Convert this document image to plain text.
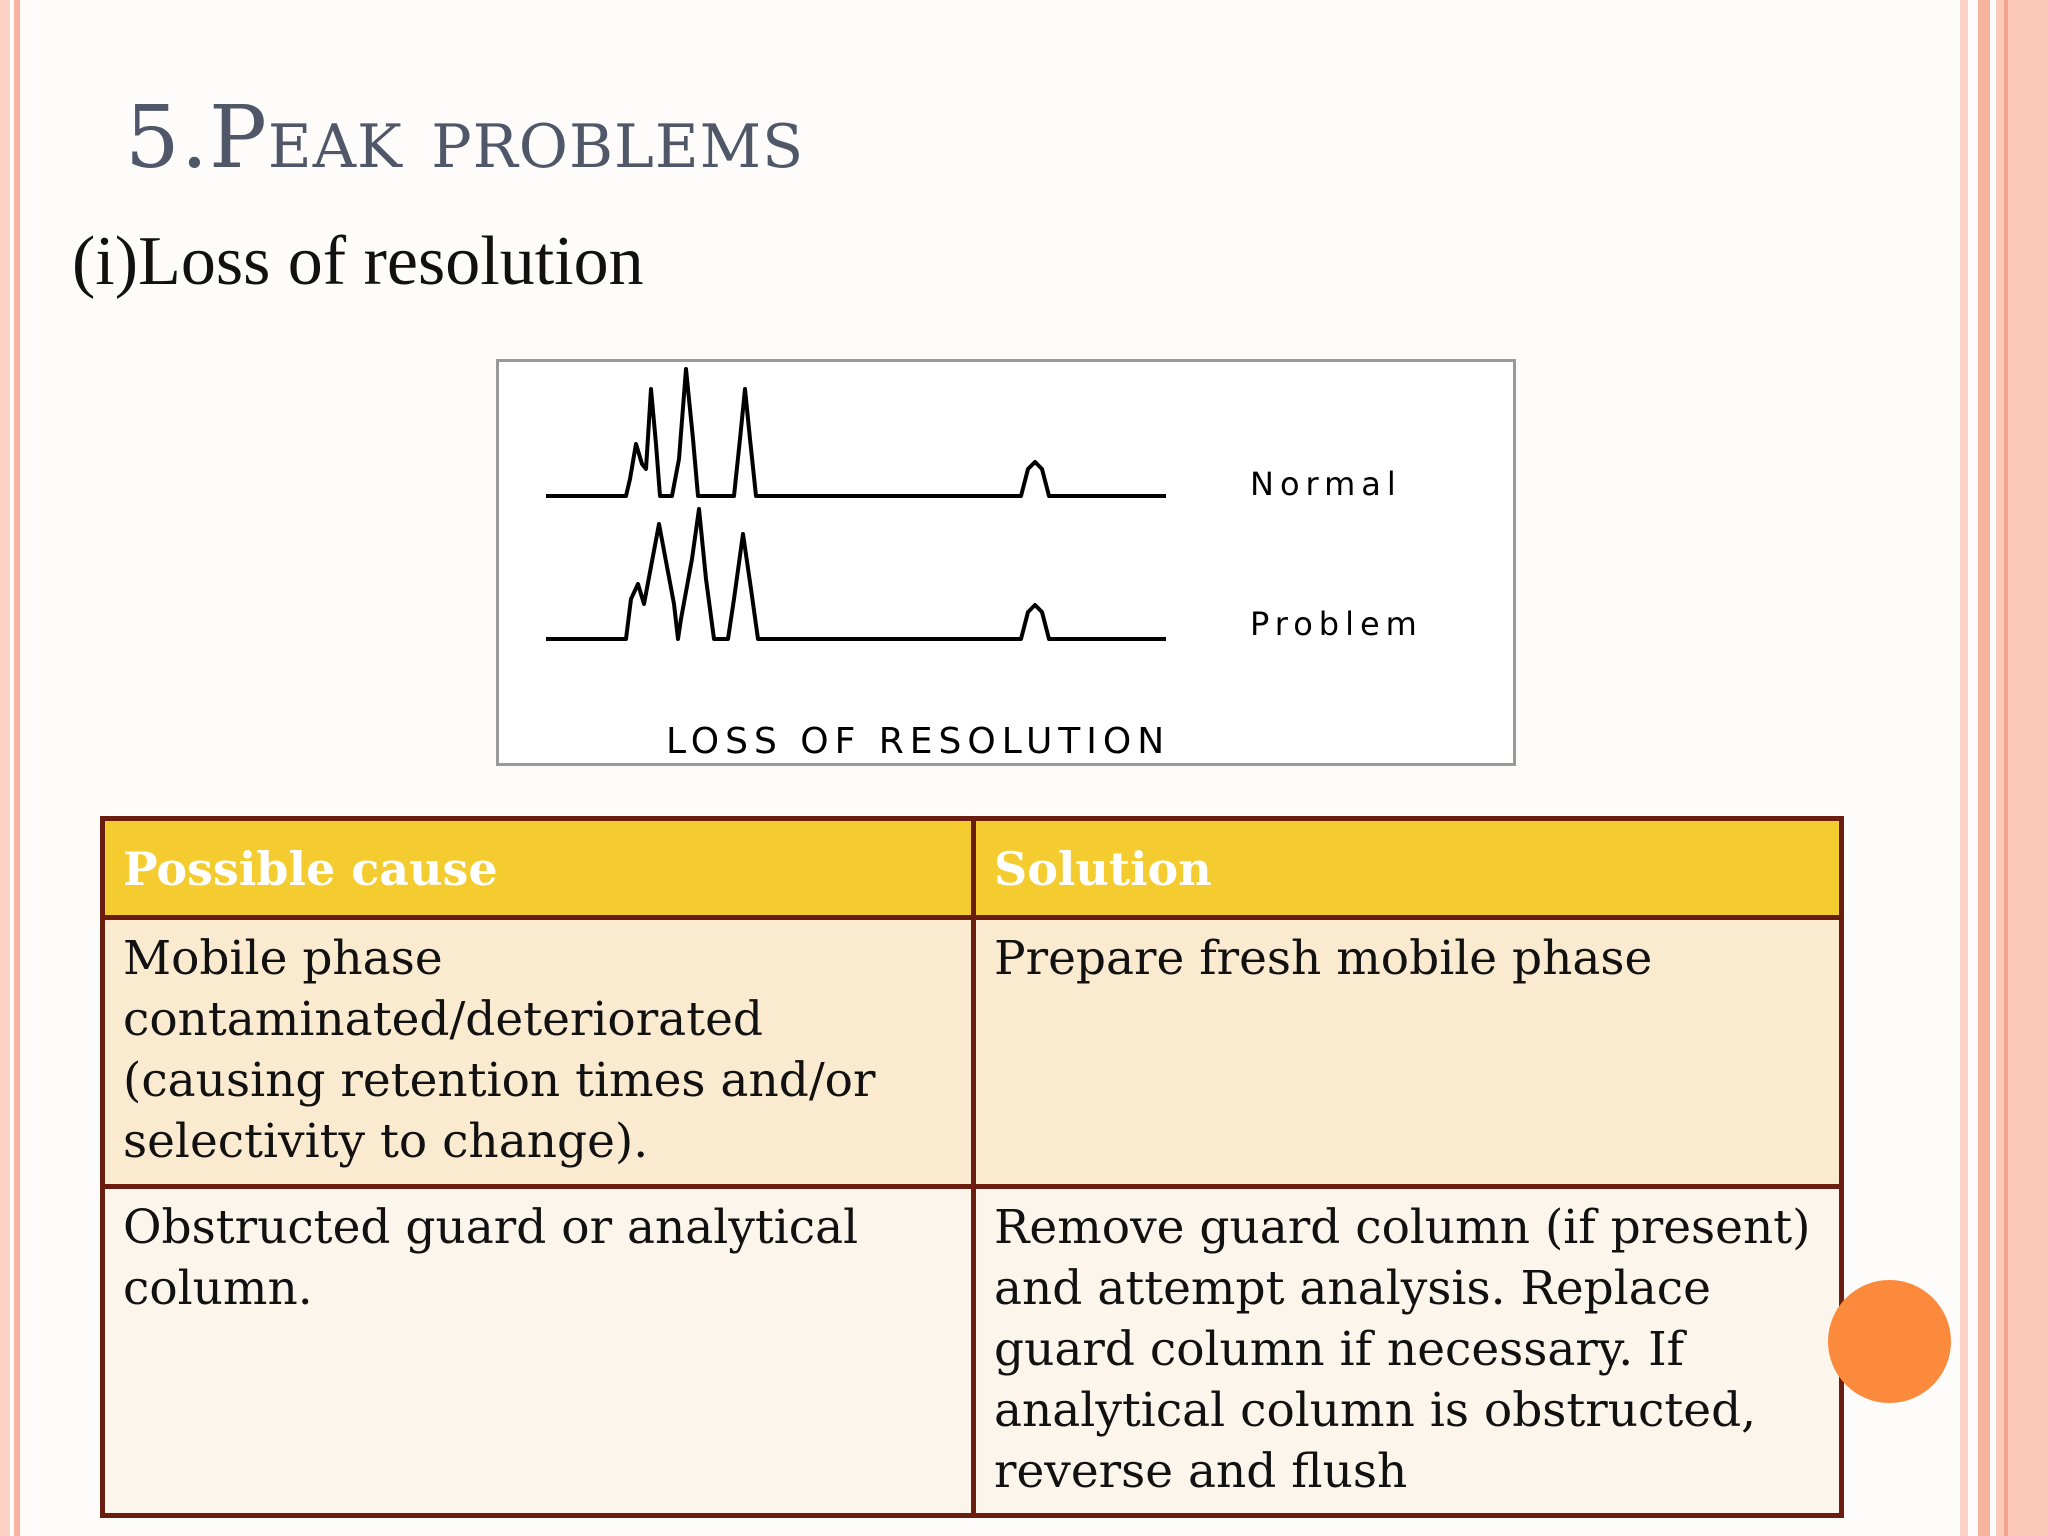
5.Peak problems
(i)Loss of resolution
Normal
Problem
LOSS OF RESOLUTION
Possible cause	Solution
Mobile phase contaminated/deteriorated (causing retention times and/or selectivity to change).	Prepare fresh mobile phase
Obstructed guard or analytical column.	Remove guard column (if present) and attempt analysis. Replace guard column if necessary. If analytical column is obstructed, reverse and flush
